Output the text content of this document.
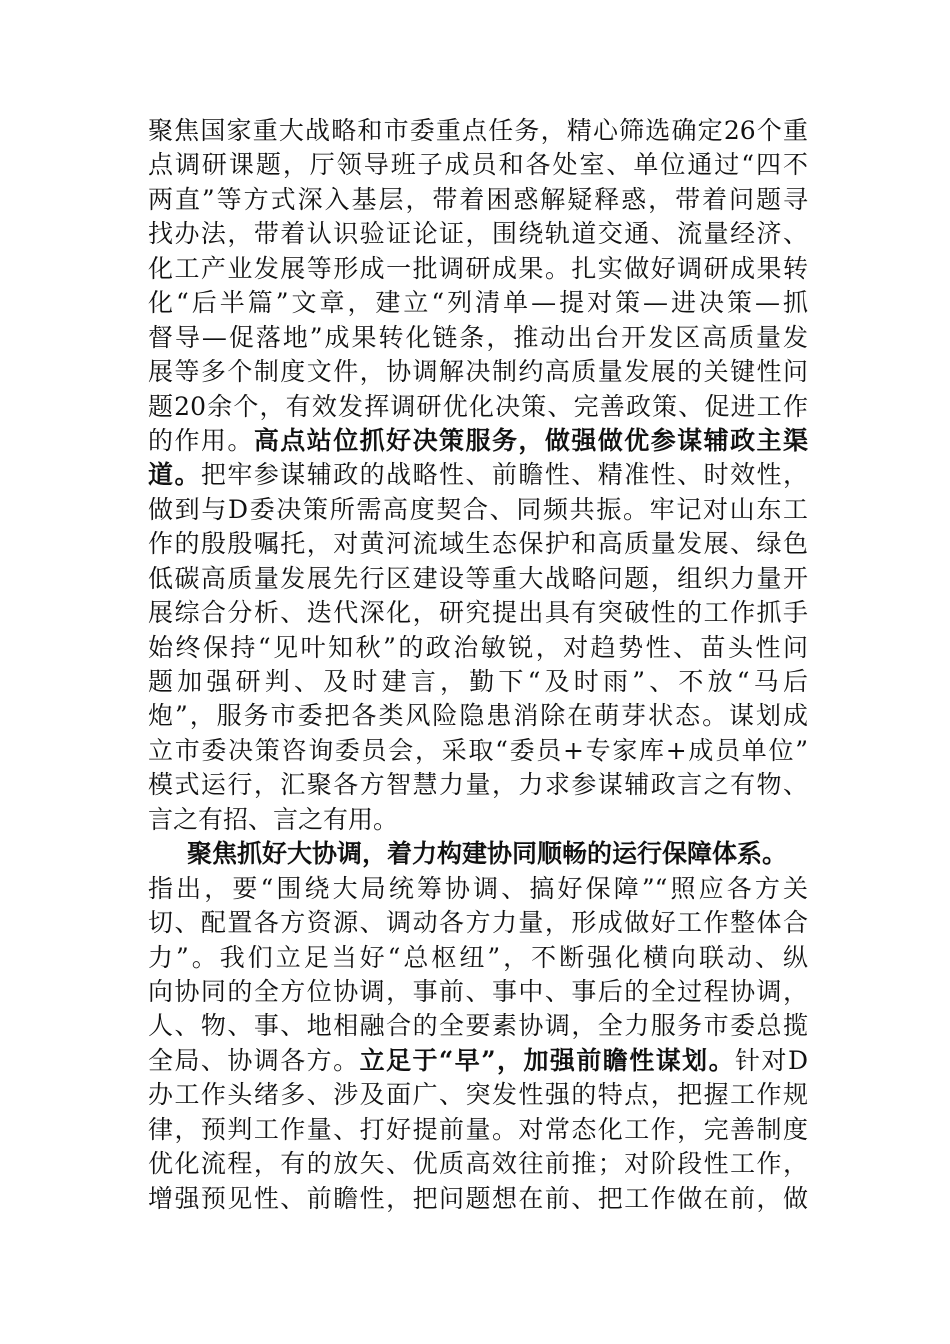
聚焦国家重大战略和市委重点任务，精心筛选确定26个重
点调研课题，厅领导班子成员和各处室、单位通过“四不
两直”等方式深入基层，带着困惑解疑释惑，带着问题寻
找办法，带着认识验证论证，围绕轨道交通、流量经济、
化工产业发展等形成一批调研成果。扎实做好调研成果转
化“后半篇”文章，建立“列清单—提对策—进决策—抓
督导—促落地”成果转化链条，推动出台开发区高质量发
展等多个制度文件，协调解决制约高质量发展的关键性问
题20余个，有效发挥调研优化决策、完善政策、促进工作
的作用。高点站位抓好决策服务，做强做优参谋辅政主渠
道。把牢参谋辅政的战略性、前瞻性、精准性、时效性，
做到与D委决策所需高度契合、同频共振。牢记对山东工
作的殷殷嘱托，对黄河流域生态保护和高质量发展、绿色
低碳高质量发展先行区建设等重大战略问题，组织力量开
展综合分析、迭代深化，研究提出具有突破性的工作抓手
始终保持“见叶知秋”的政治敏锐，对趋势性、苗头性问
题加强研判、及时建言，勤下“及时雨”、不放“马后
炮”，服务市委把各类风险隐患消除在萌芽状态。谋划成
立市委决策咨询委员会，采取“委员+专家库+成员单位”
模式运行，汇聚各方智慧力量，力求参谋辅政言之有物、
言之有招、言之有用。
聚焦抓好大协调，着力构建协同顺畅的运行保障体系。
指出，要“围绕大局统筹协调、搞好保障”“照应各方关
切、配置各方资源、调动各方力量，形成做好工作整体合
力”。我们立足当好“总枢纽”，不断强化横向联动、纵
向协同的全方位协调，事前、事中、事后的全过程协调，
人、物、事、地相融合的全要素协调，全力服务市委总揽
全局、协调各方。立足于“早”，加强前瞻性谋划。针对D
办工作头绪多、涉及面广、突发性强的特点，把握工作规
律，预判工作量、打好提前量。对常态化工作，完善制度
优化流程，有的放矢、优质高效往前推；对阶段性工作，
增强预见性、前瞻性，把问题想在前、把工作做在前，做
